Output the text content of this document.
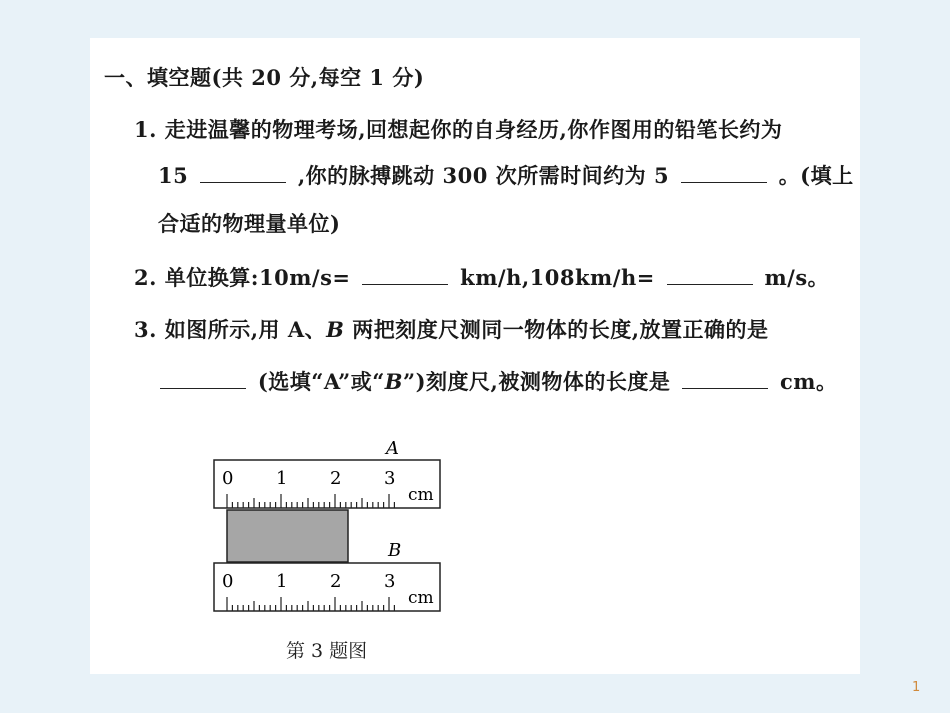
一、填空题(共 20 分,每空 1 分)
1. 走进温馨的物理考场,回想起你的自身经历,你作图用的铅笔长约为
15	,你的脉搏跳动 300 次所需时间约为 5	。(填上
合适的物理量单位)
2. 单位换算:10m/s=	km/h,108km/h=	m/s。
3. 如图所示,用 A、B 两把刻度尺测同一物体的长度,放置正确的是
(选填“A”或“B”)刻度尺,被测物体的长度是	cm。
A
0 1 2 3
cm
B
0 1 2 3
cm
第 3 题图
1
